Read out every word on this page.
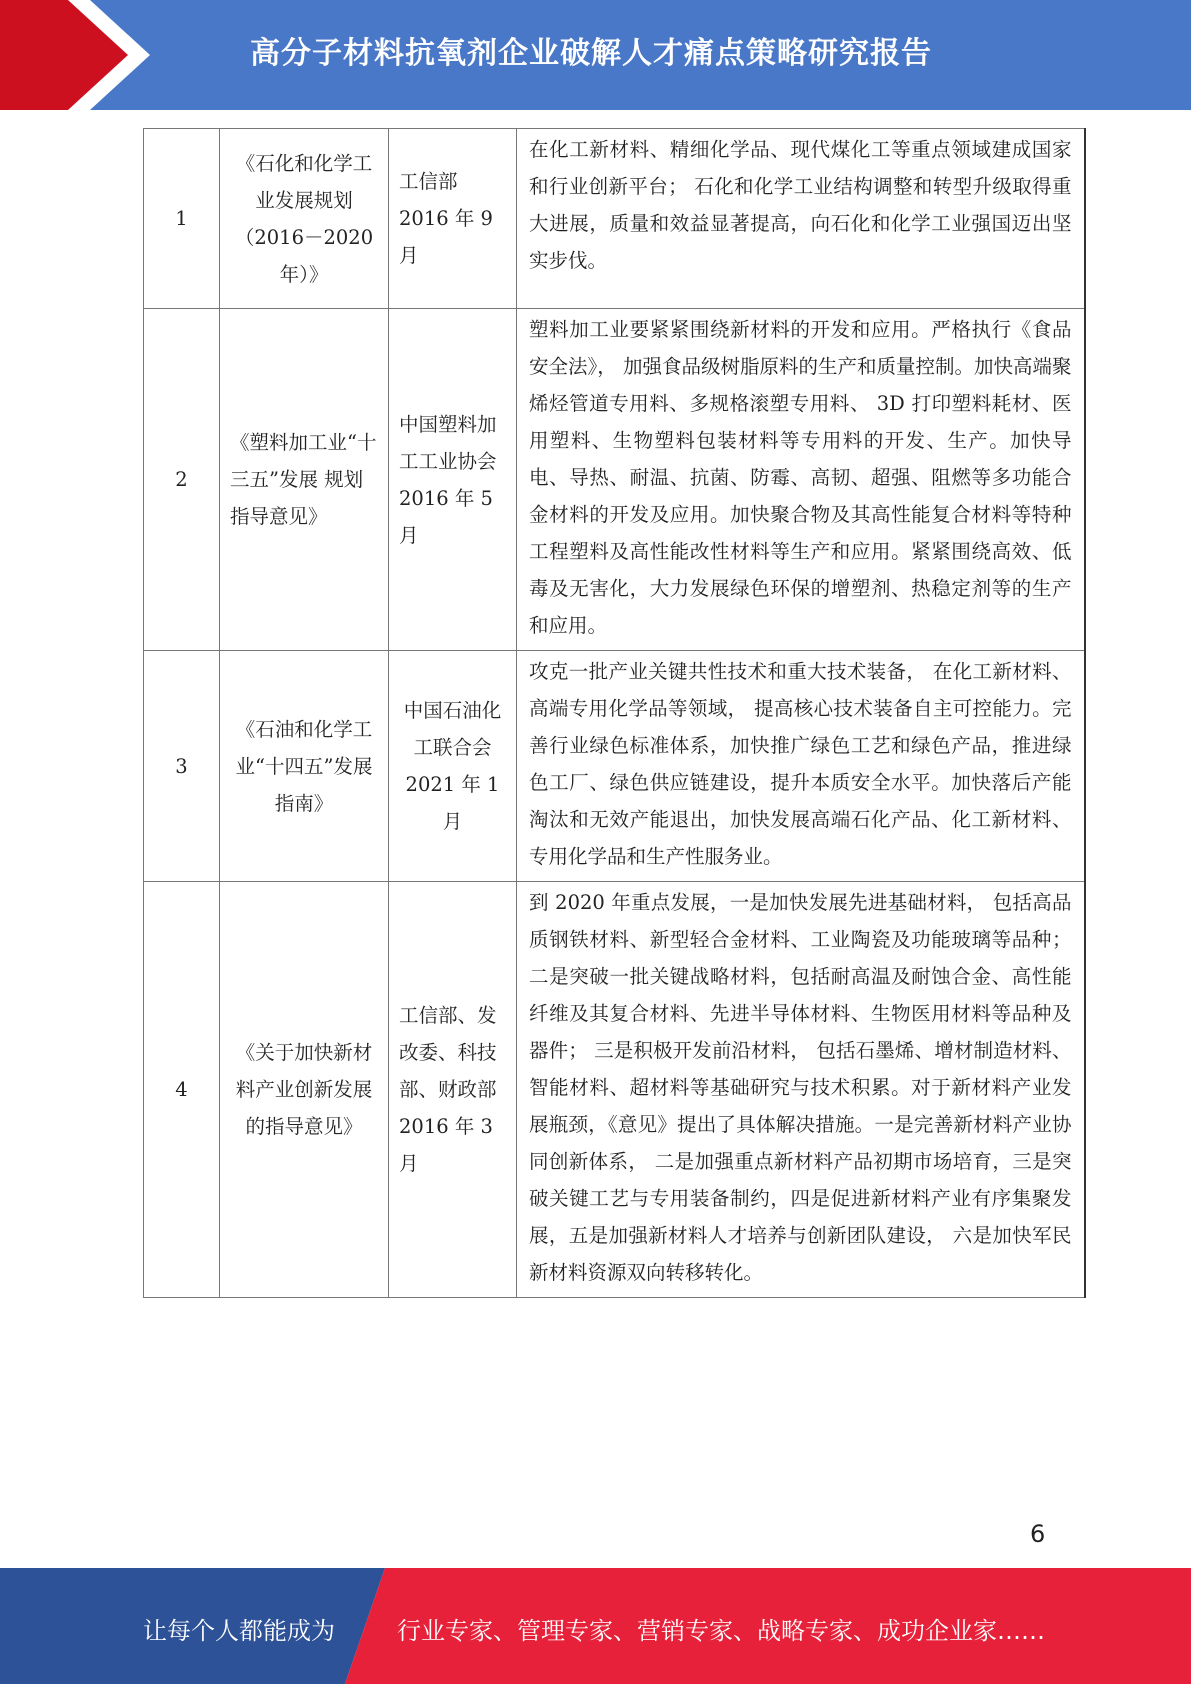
高分子材料抗氧剂企业破解人才痛点策略研究报告
1	《石化和化学工业发展规划（2016－2020 年）》	工信部 2016 年 9 月	在化工新材料、精细化学品、现代煤化工等重点领域建成国家和行业创新平台； 石化和化学工业结构调整和转型升级取得重大进展，质量和效益显著提高，向石化和化学工业强国迈出坚实步伐。
2	《塑料加工业“十三五”发展 规划指导意见》	中国塑料加工工业协会 2016 年 5 月	塑料加工业要紧紧围绕新材料的开发和应用。严格执行《食品安全法》， 加强食品级树脂原料的生产和质量控制。加快高端聚烯烃管道专用料、多规格滚塑专用料、 3D 打印塑料耗材、医用塑料、生物塑料包装材料等专用料的开发、生产。加快导电、导热、耐温、抗菌、防霉、高韧、超强、阻燃等多功能合金材料的开发及应用。加快聚合物及其高性能复合材料等特种工程塑料及高性能改性材料等生产和应用。紧紧围绕高效、低毒及无害化，大力发展绿色环保的增塑剂、热稳定剂等的生产和应用。
3	《石油和化学工业“十四五”发展指南》	中国石油化工联合会 2021 年 1 月	攻克一批产业关键共性技术和重大技术装备， 在化工新材料、高端专用化学品等领域， 提高核心技术装备自主可控能力。完善行业绿色标准体系，加快推广绿色工艺和绿色产品，推进绿色工厂、绿色供应链建设，提升本质安全水平。加快落后产能淘汰和无效产能退出，加快发展高端石化产品、化工新材料、专用化学品和生产性服务业。
4	《关于加快新材料产业创新发展的指导意见》	工信部、发改委、科技部、财政部 2016 年 3 月	到 2020 年重点发展，一是加快发展先进基础材料， 包括高品质钢铁材料、新型轻合金材料、工业陶瓷及功能玻璃等品种；二是突破一批关键战略材料，包括耐高温及耐蚀合金、高性能纤维及其复合材料、先进半导体材料、生物医用材料等品种及器件； 三是积极开发前沿材料， 包括石墨烯、增材制造材料、智能材料、超材料等基础研究与技术积累。对于新材料产业发展瓶颈，《意见》提出了具体解决措施。一是完善新材料产业协同创新体系， 二是加强重点新材料产品初期市场培育，三是突破关键工艺与专用装备制约，四是促进新材料产业有序集聚发展，五是加强新材料人才培养与创新团队建设， 六是加快军民新材料资源双向转移转化。
6
让每个人都能成为	行业专家、管理专家、营销专家、战略专家、成功企业家……
